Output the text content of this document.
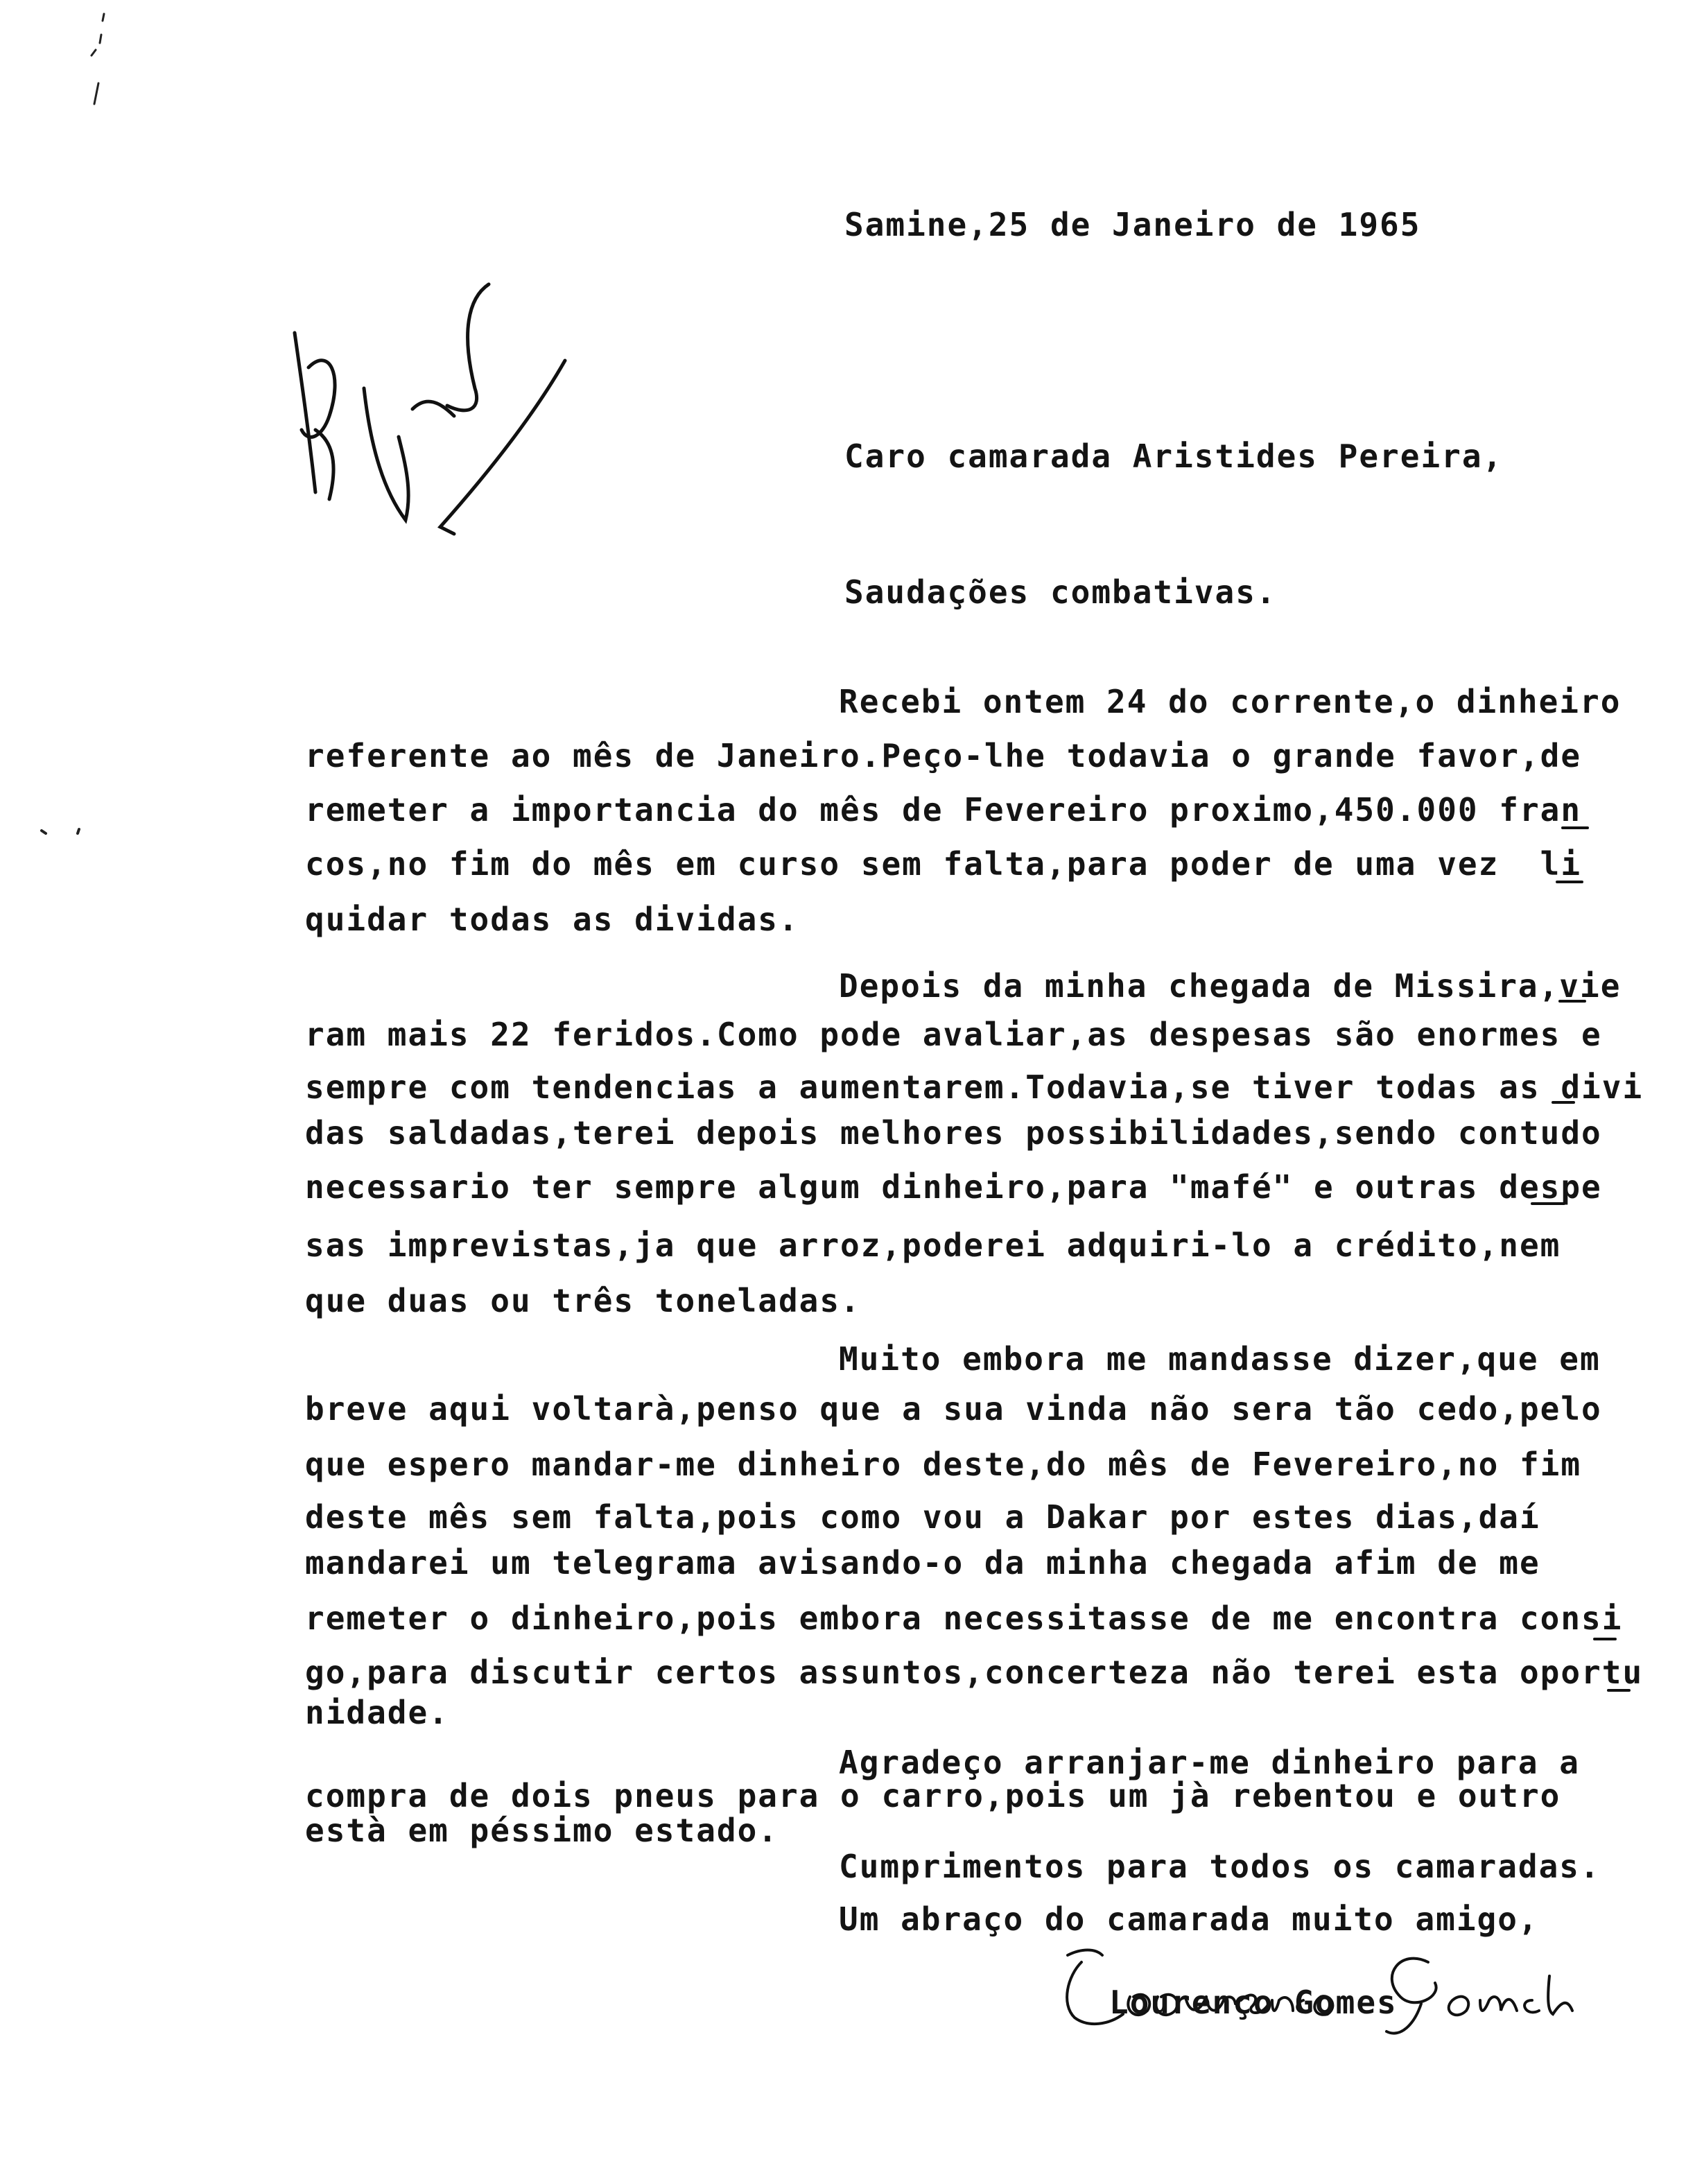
Samine,25 de Janeiro de 1965
Caro camarada Aristides Pereira,
Saudações combativas.
Recebi ontem 24 do corrente,o dinheiro
referente ao mês de Janeiro.Peço-lhe todavia o grande favor,de
remeter a importancia do mês de Fevereiro proximo,450.000 fran
cos,no fim do mês em curso sem falta,para poder de uma vez  li
quidar todas as dividas.
Depois da minha chegada de Missira,vie
ram mais 22 feridos.Como pode avaliar,as despesas são enormes e
sempre com tendencias a aumentarem.Todavia,se tiver todas as divi
das saldadas,terei depois melhores possibilidades,sendo contudo
necessario ter sempre algum dinheiro,para "mafé" e outras despe
sas imprevistas,ja que arroz,poderei adquiri-lo a crédito,nem
que duas ou três toneladas.
Muito embora me mandasse dizer,que em
breve aqui voltarà,penso que a sua vinda não sera tão cedo,pelo
que espero mandar-me dinheiro deste,do mês de Fevereiro,no fim
deste mês sem falta,pois como vou a Dakar por estes dias,daí
mandarei um telegrama avisando-o da minha chegada afim de me
remeter o dinheiro,pois embora necessitasse de me encontra consi
go,para discutir certos assuntos,concerteza não terei esta oportu
nidade.
Agradeço arranjar-me dinheiro para a
compra de dois pneus para o carro,pois um jà rebentou e outro
està em péssimo estado.
Cumprimentos para todos os camaradas.
Um abraço do camarada muito amigo,
Lourenço Gomes
